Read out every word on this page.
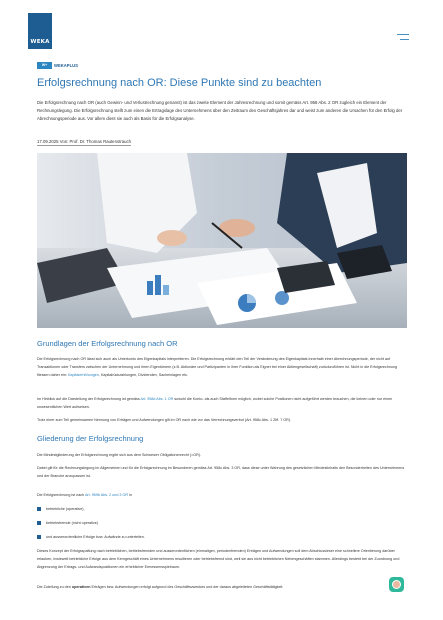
WEKA
W+	WEKAPLUS
Erfolgsrechnung nach OR: Diese Punkte sind zu beachten
Die Erfolgsrechnung nach OR (auch Gewinn- und Verlustrechnung genannt) ist das zweite Element der Jahresrechnung und somit gemäss Art. 958 Abs. 2 OR zugleich ein Element der Rechnungslegung. Die Erfolgsrechnung stellt zum einen die Ertragslage des Unternehmens über den Zeitraum des Geschäftsjahres dar und weist zum anderen die Ursachen für den Erfolg der Abrechnungsperiode aus. Vor allem dient sie auch als Basis für die Erfolgsanalyse.
17.09.2025 Von: Prof. Dr. Thomas Rautenstrauch
Grundlagen der Erfolgsrechnung nach OR
Die Erfolgsrechnung nach OR lässt sich auch als Unterkonto des Eigenkapitals interpretieren. Die Erfolgsrechnung erklärt den Teil der Veränderung des Eigenkapitals innerhalb einer Abrechnungsperiode, der nicht auf Transaktionen oder Transfers zwischen der Unternehmung und ihren Eigentümern (z.B. Aktionäre und Partizipanten in ihrer Funktion als Eigner bei einer Aktiengesellschaft) zurückzuführen ist. Nicht in die Erfolgsrechnung fliessen daher ein: Kapitalerhöhungen, Kapitalrückzahlungen, Dividenden, Sacheinlagen etc.
Im Hinblick auf die Darstellung der Erfolgsrechnung ist gemäss Art. 958d Abs. 1 OR sowohl die Konto- als auch Staffelform möglich, wobei solche Positionen nicht aufgeführt werden brauchen, die keinen oder nur einen unwesentlichen Wert aufweisen.
Trotz einer zum Teil gemeinsamen Nennung von Erträgen und Aufwendungen gilt im OR nach wie vor das Verrechnungsverbot (Art. 958c Abs. 1 Ziff. 7 OR).
Gliederung der Erfolgsrechnung
Die Mindestgliederung der Erfolgsrechnung ergibt sich aus dem Schweizer Obligationenrecht (=OR).
Dabei gilt für die Rechnungslegung im Allgemeinen und für die Erfolgsrechnung im Besonderen gemäss Art. 958c Abs. 3 OR, dass diese unter Wahrung des gesetzlichen Mindestinhalts den Besonderheiten des Unternehmens und der Branche anzupassen ist.
Die Erfolgsrechnung ist nach Art. 959b Abs. 2 und 3 OR in
betriebliche (operative),
betriebsfremde (nicht operative)
und ausserordentliche Erfolge bzw. Aufwände zu unterteilen.
Dieses Konzept der Erfolgsspaltung nach betrieblichen, betriebsfremden und ausserordentlichen (einmaligen, periodenfremden) Erträgen und Aufwendungen soll dem Abschlussleser eine schnellere Orientierung darüber erlauben, inwieweit betriebliche Erfolge aus dem Kerngeschäft eines Unternehmens resultieren oder betriebsfremd sind, weil sie aus nicht betrieblichen Nebengeschäften stammen. Allerdings besteht bei der Zuordnung und Abgrenzung der Ertrags- und Aufwandspositionen ein erheblicher Ermessensspielraum.
Die Zuteilung zu den operativen Erträgen bzw. Aufwendungen erfolgt aufgrund des Geschäftszweckes und der daraus abgeleiteten Geschäftstätigkeit.
